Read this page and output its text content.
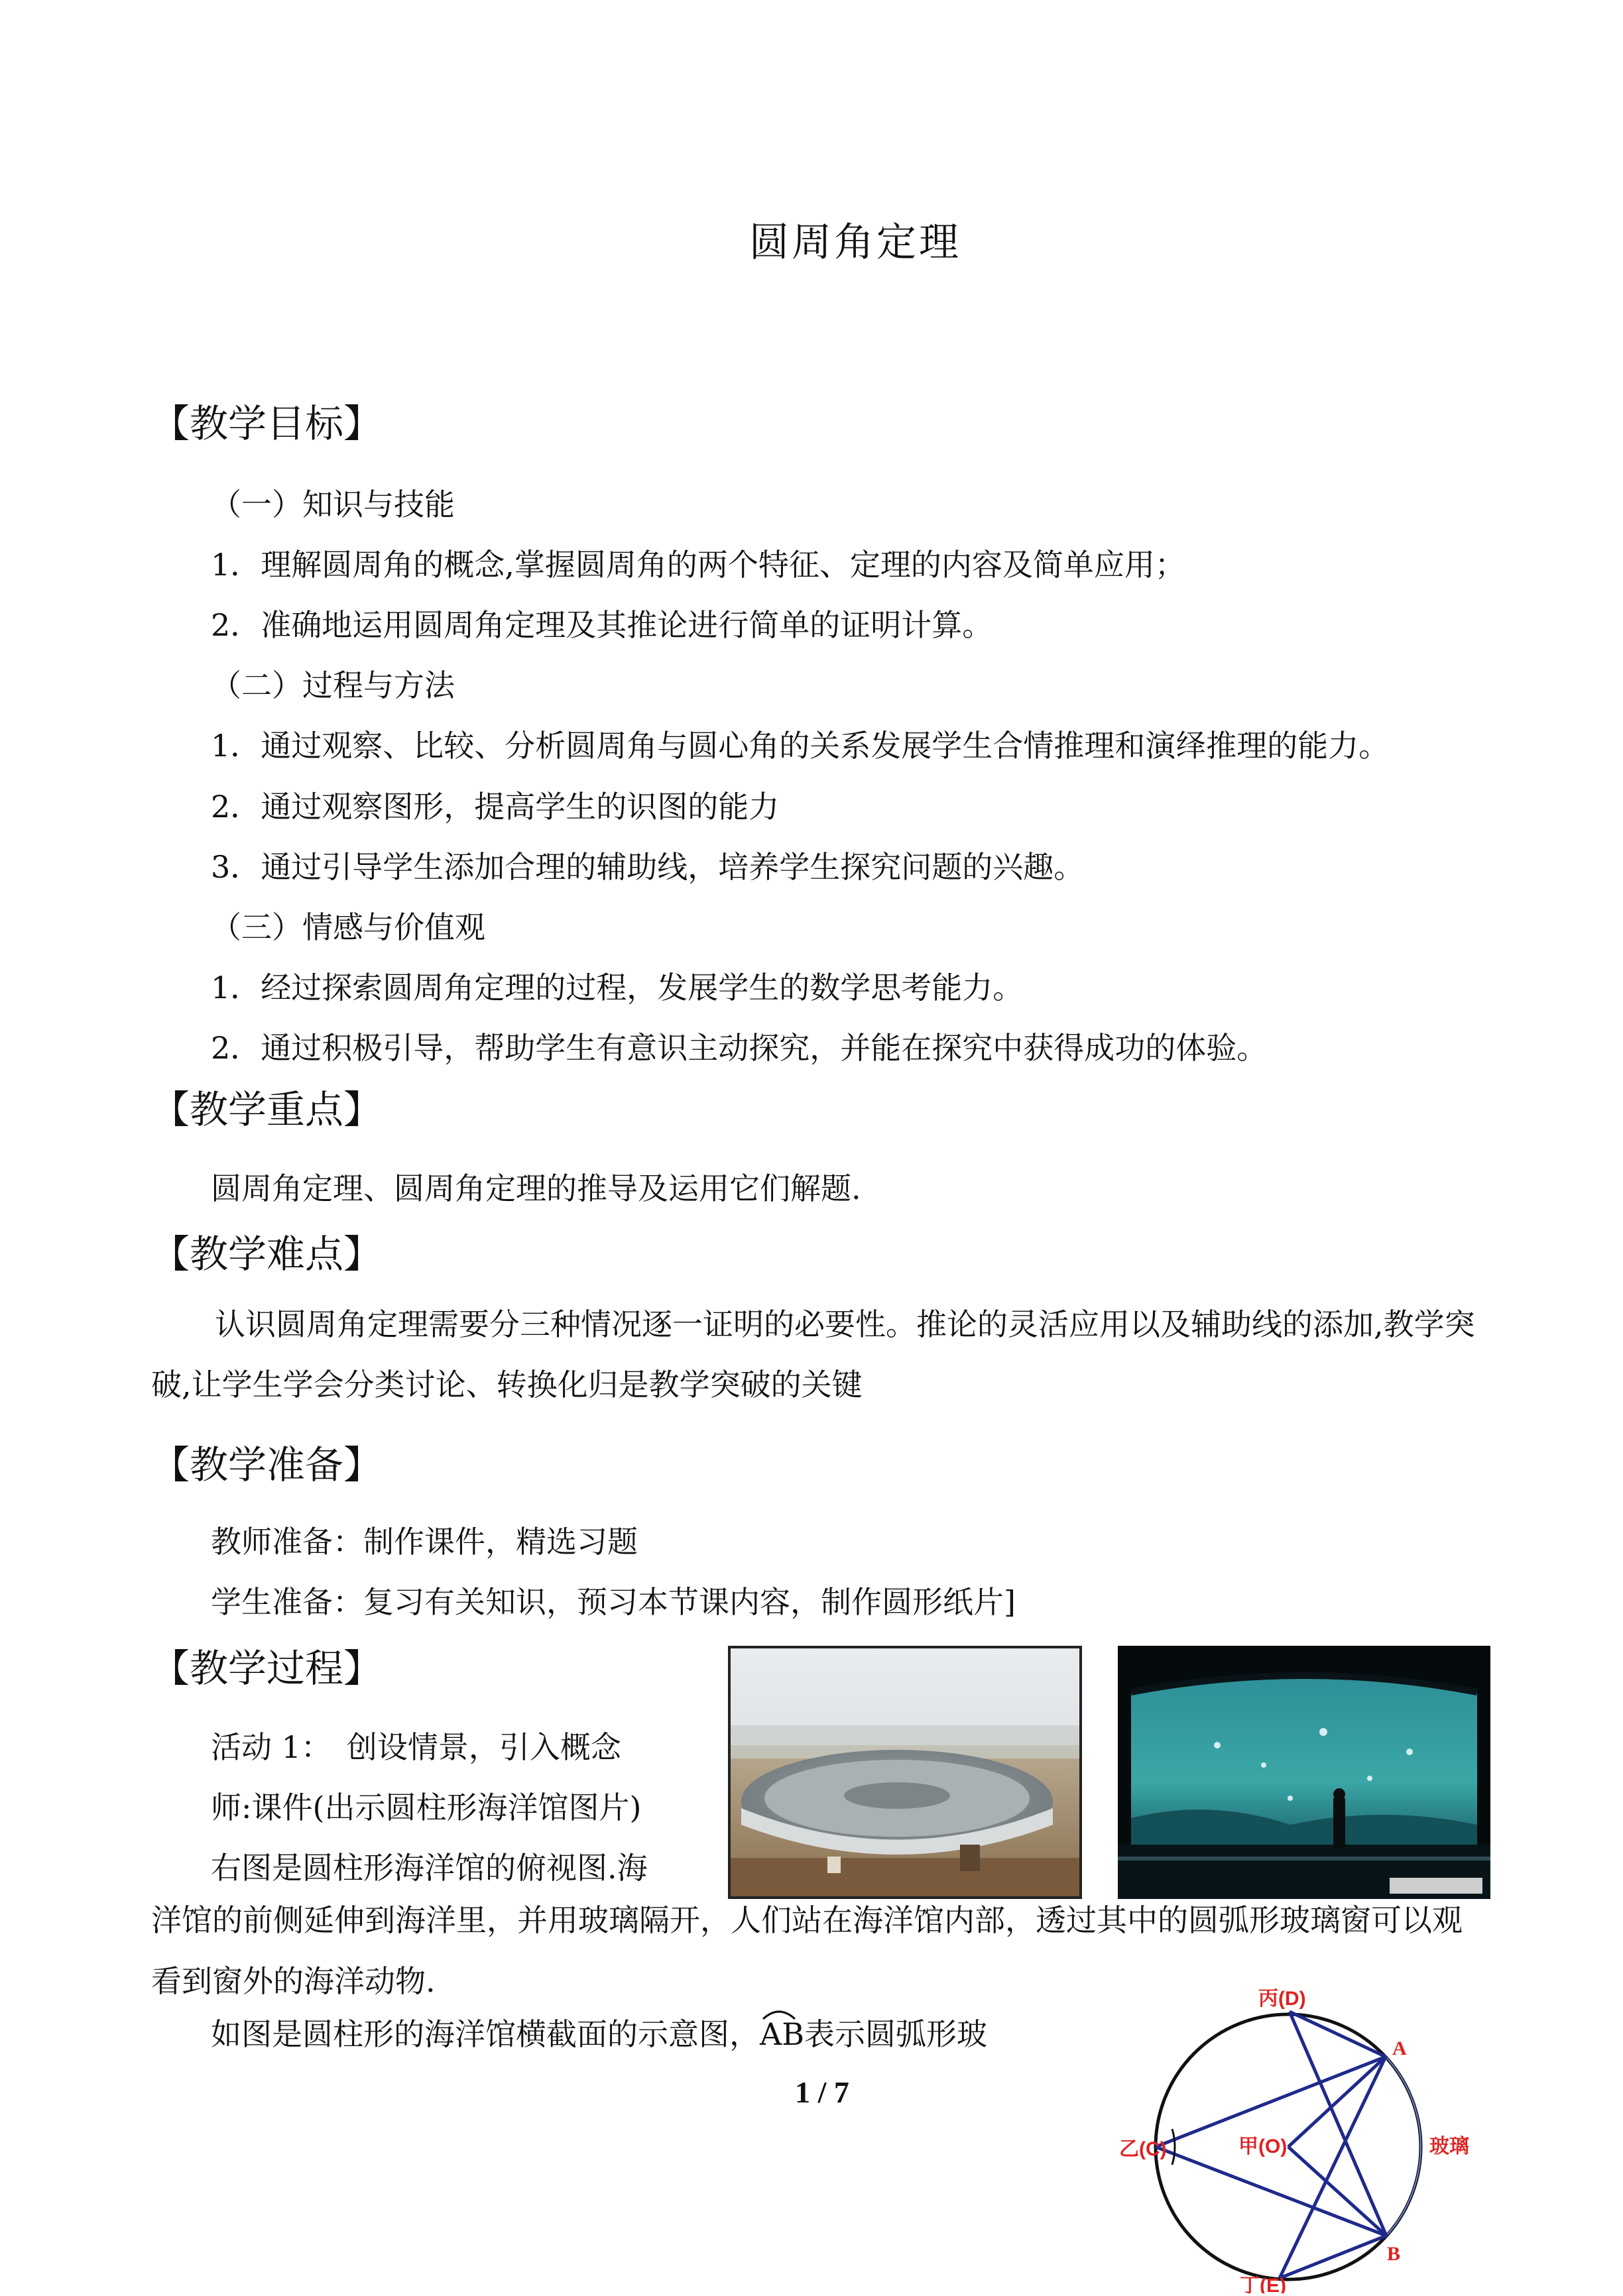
圆周角定理
【教学目标】
（一）知识与技能
1．理解圆周角的概念,掌握圆周角的两个特征、定理的内容及简单应用；
2．准确地运用圆周角定理及其推论进行简单的证明计算。
（二）过程与方法
1．通过观察、比较、分析圆周角与圆心角的关系发展学生合情推理和演绎推理的能力。
2．通过观察图形，提高学生的识图的能力
3．通过引导学生添加合理的辅助线，培养学生探究问题的兴趣。
（三）情感与价值观
1．经过探索圆周角定理的过程，发展学生的数学思考能力。
2．通过积极引导，帮助学生有意识主动探究，并能在探究中获得成功的体验。
【教学重点】
圆周角定理、圆周角定理的推导及运用它们解题.
【教学难点】
认识圆周角定理需要分三种情况逐一证明的必要性。推论的灵活应用以及辅助线的添加,教学突破,让学生学会分类讨论、转换化归是教学突破的关键
【教学准备】
教师准备：制作课件，精选习题
学生准备：复习有关知识，预习本节课内容，制作圆形纸片]
【教学过程】
活动 1：　创设情景，引入概念
师:课件(出示圆柱形海洋馆图片)
右图是圆柱形海洋馆的俯视图.海
洋馆的前侧延伸到海洋里，并用玻璃隔开，人们站在海洋馆内部，透过其中的圆弧形玻璃窗可以观看到窗外的海洋动物.
如图是圆柱形的海洋馆横截面的示意图，
AB表示圆弧形玻
丙(D)
A
乙(C)	甲(O)	玻璃
B
丁(E)
1 / 7
